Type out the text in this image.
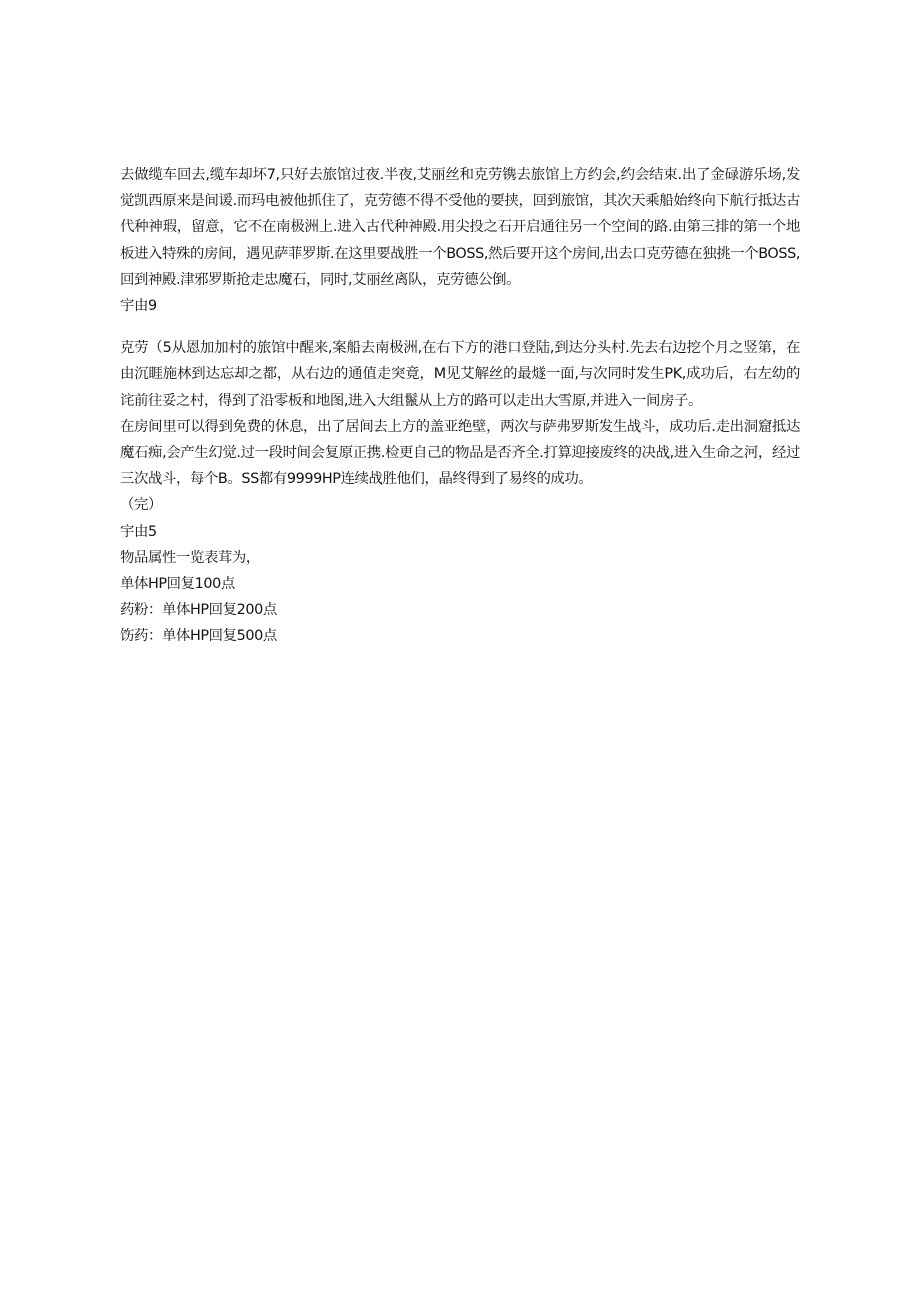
去做缆车回去,缆车却坏7,只好去旅馆过夜.半夜,艾丽丝和克劳镌去旅馆上方约会,约会结束.出了金碌游乐场,发觉凯西原来是间谖.而玛电被他抓住了，克劳德不得不受他的要挟，回到旅馆，其次天乘船始终向下航行抵达古代种神瑕，留意，它不在南极洲上.进入古代种神殿.用尖投之石开启通往另一个空间的路.由第三排的第一个地板进入特殊的房间，遇见萨菲罗斯.在这里要战胜一个BOSS,然后要开这个房间,出去口克劳德在独挑一个BOSS,回到神殿.津邪罗斯抢走忠魔石，同时,艾丽丝离队，克劳德公倒。

宇由9

克劳（5从恩加加村的旅馆中醒来,案船去南极洲,在右下方的港口登陆,到达分头村.先去右边挖个月之竖第，在由沉睚施林到达忘却之都，从右边的通值走突竟，M见艾解丝的最燧一面,与次同时发生PK,成功后，右左幼的诧前往妥之村，得到了沿零板和地图,进入大组鬣从上方的路可以走出大雪原,并进入一间房子。

在房间里可以得到免费的休息，出了居间去上方的盖亚绝壁，两次与萨弗罗斯发生战斗，成功后.走出洞窟抵达魔石痴,会产生幻觉.过一段时间会复原正携.检更自己的物品是否齐全.打算迎接废终的决战,进入生命之河，经过三次战斗，每个B。SS都有9999HP连续战胜他们，晶终得到了易终的成功。

（完）

宇由5

物品属性一览表茸为，

单体HP回复100点

药粉：单体HP回复200点

饬药：单体HP回复500点
